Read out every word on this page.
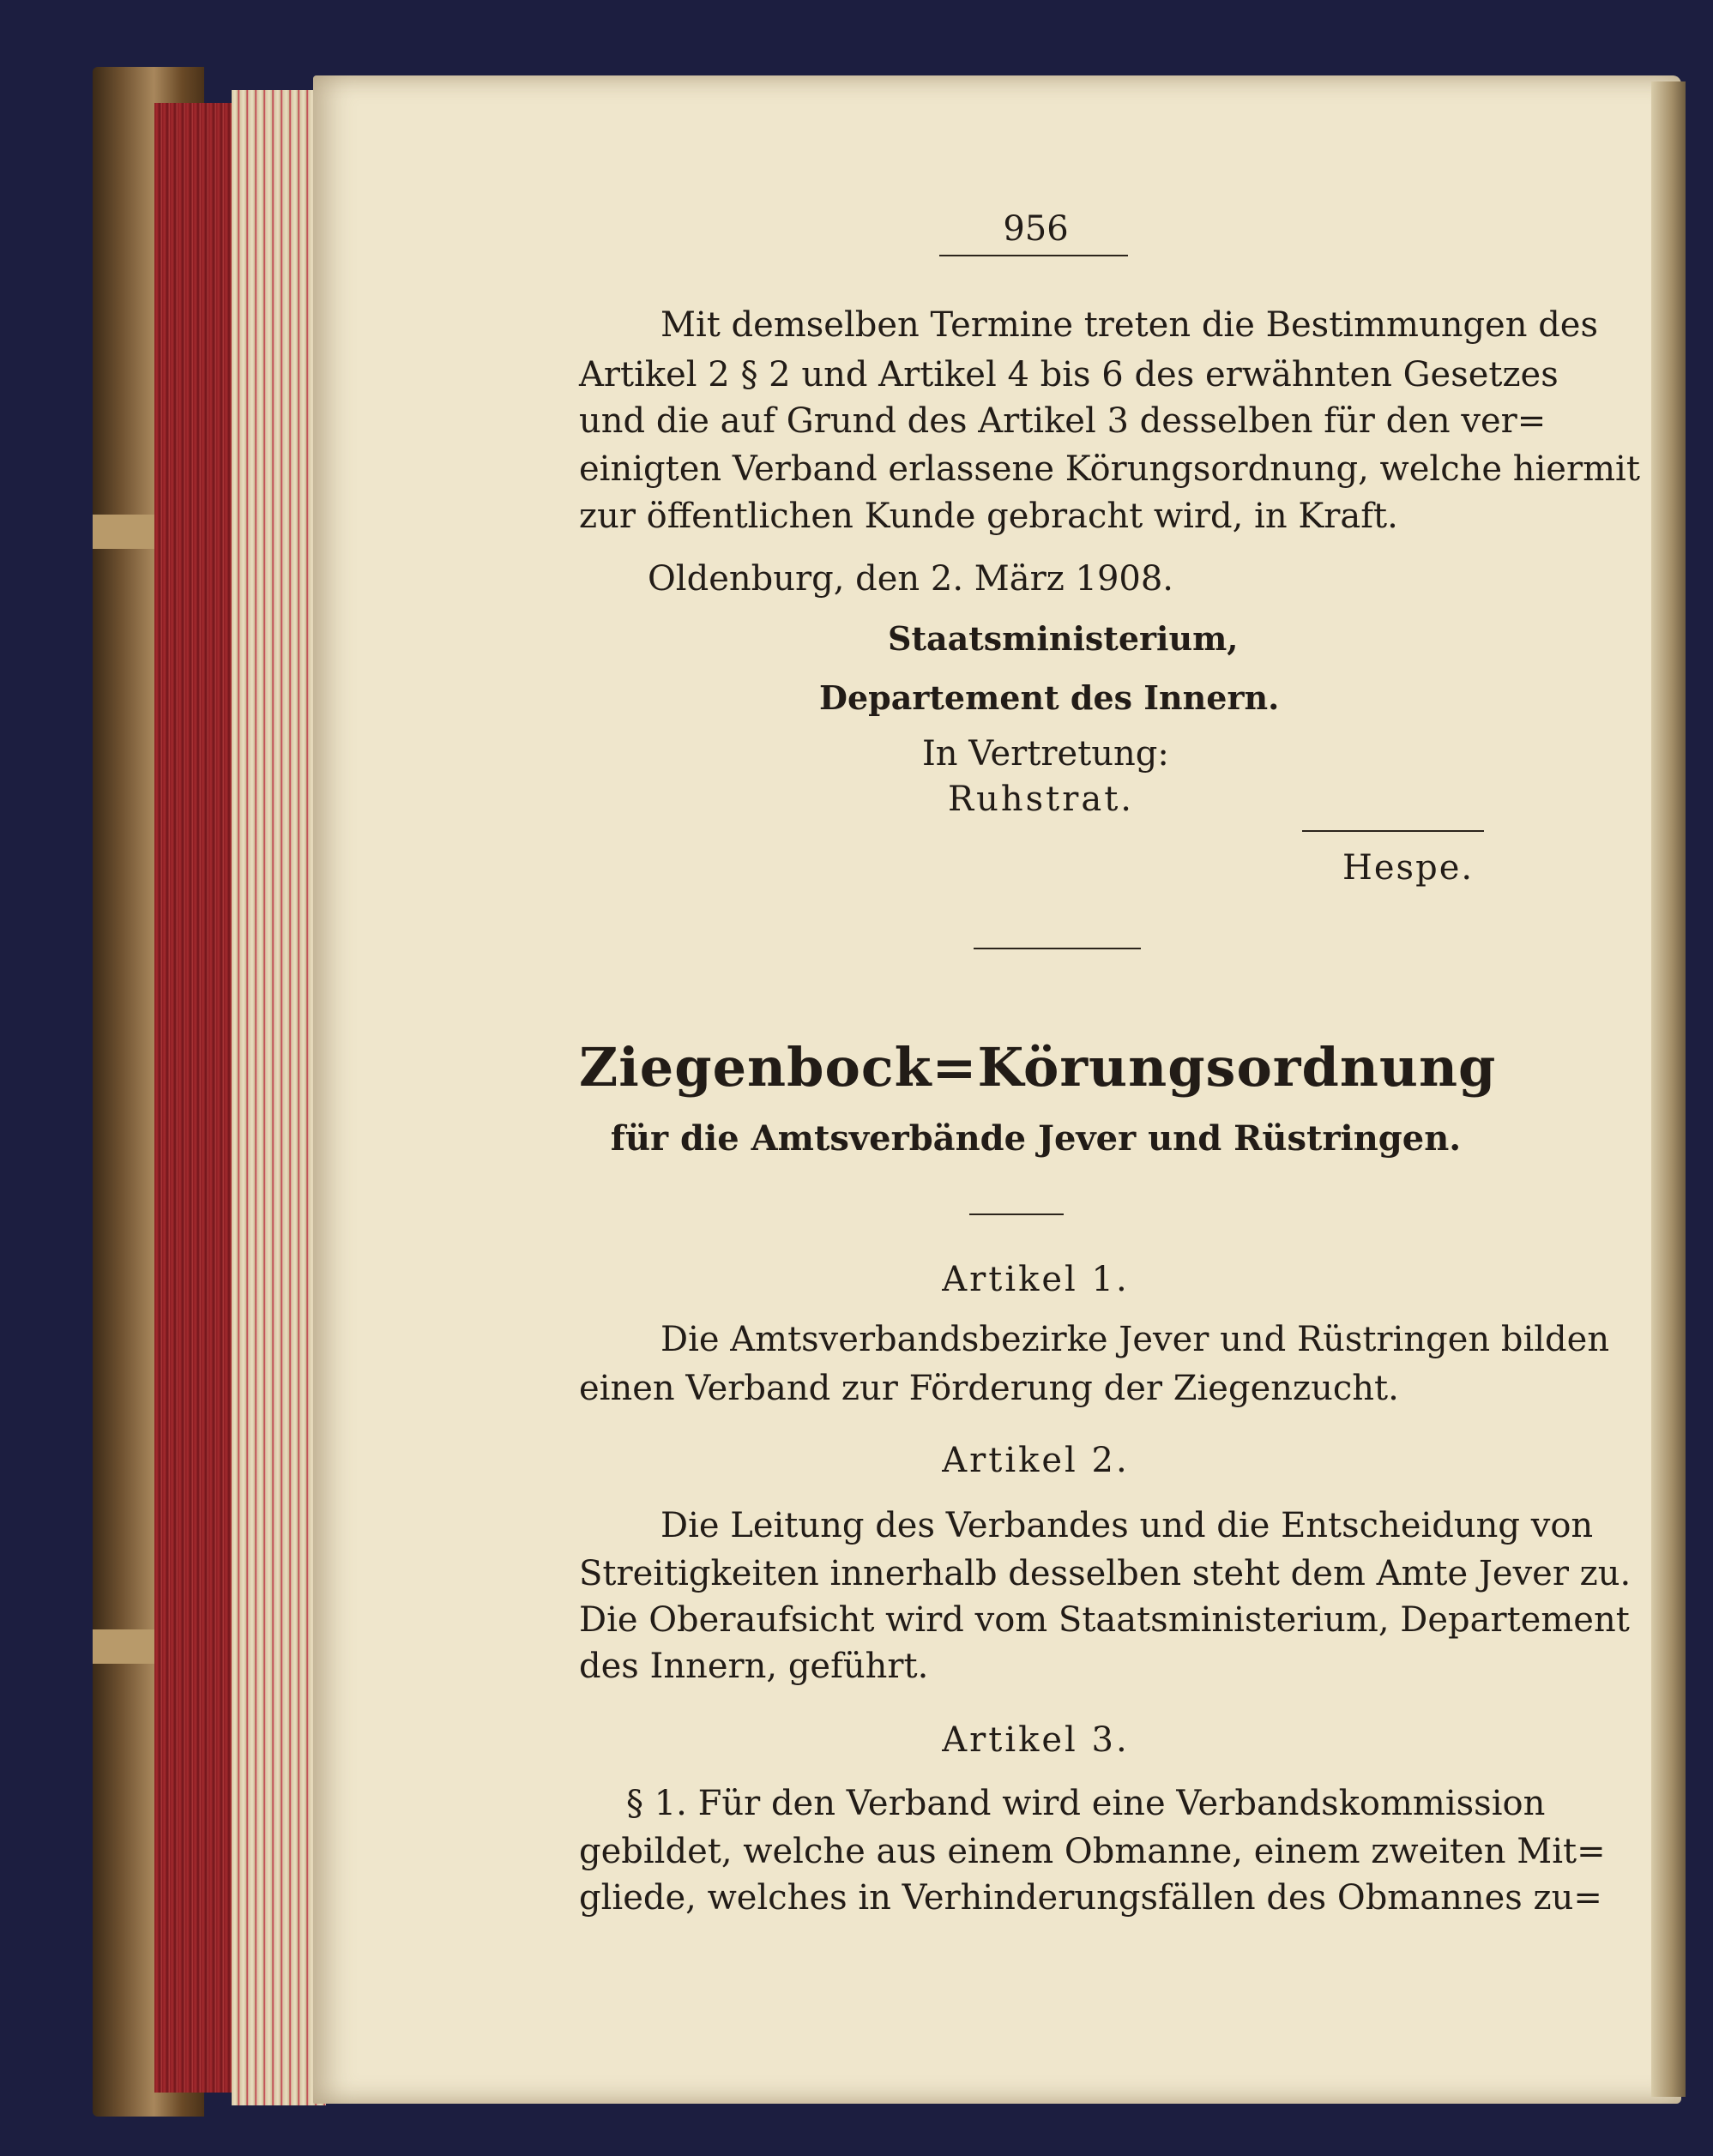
956
Mit demselben Termine treten die Bestimmungen des
Artikel 2 § 2 und Artikel 4 bis 6 des erwähnten Gesetzes
und die auf Grund des Artikel 3 desselben für den ver=
einigten Verband erlassene Körungsordnung, welche hiermit
zur öffentlichen Kunde gebracht wird, in Kraft.
Oldenburg, den 2. März 1908.
Staatsministerium,
Departement des Innern.
In Vertretung:
Ruhstrat.
Hespe.
Ziegenbock=Körungsordnung
für die Amtsverbände Jever und Rüstringen.
Artikel 1.
Die Amtsverbandsbezirke Jever und Rüstringen bilden
einen Verband zur Förderung der Ziegenzucht.
Artikel 2.
Die Leitung des Verbandes und die Entscheidung von
Streitigkeiten innerhalb desselben steht dem Amte Jever zu.
Die Oberaufsicht wird vom Staatsministerium, Departement
des Innern, geführt.
Artikel 3.
§ 1. Für den Verband wird eine Verbandskommission
gebildet, welche aus einem Obmanne, einem zweiten Mit=
gliede, welches in Verhinderungsfällen des Obmannes zu=
